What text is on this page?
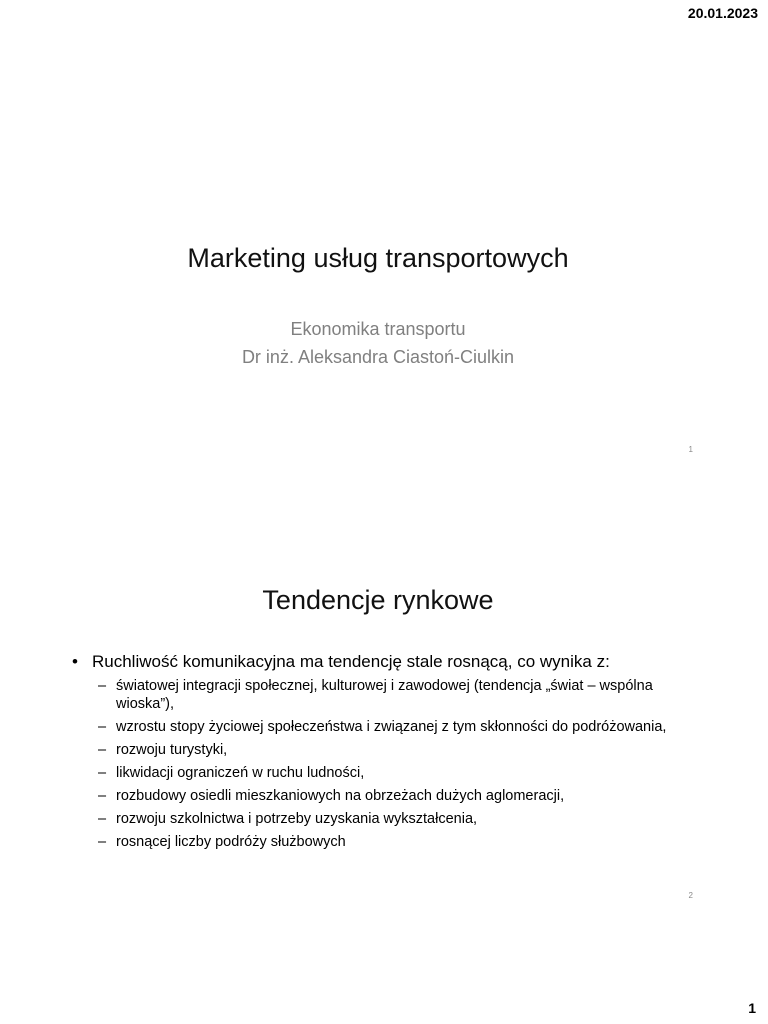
20.01.2023
Marketing usług transportowych
Ekonomika transportu
Dr inż. Aleksandra Ciastoń-Ciulkin
1
Tendencje rynkowe
• Ruchliwość komunikacyjna ma tendencję stale rosnącą, co wynika z:
– światowej integracji społecznej, kulturowej i zawodowej (tendencja „świat – wspólna wioska”),
– wzrostu stopy życiowej społeczeństwa i związanej z tym skłonności do podróżowania,
– rozwoju turystyki,
– likwidacji ograniczeń w ruchu ludności,
– rozbudowy osiedli mieszkaniowych na obrzeżach dużych aglomeracji,
– rozwoju szkolnictwa i potrzeby uzyskania wykształcenia,
– rosnącej liczby podróży służbowych
2
1
